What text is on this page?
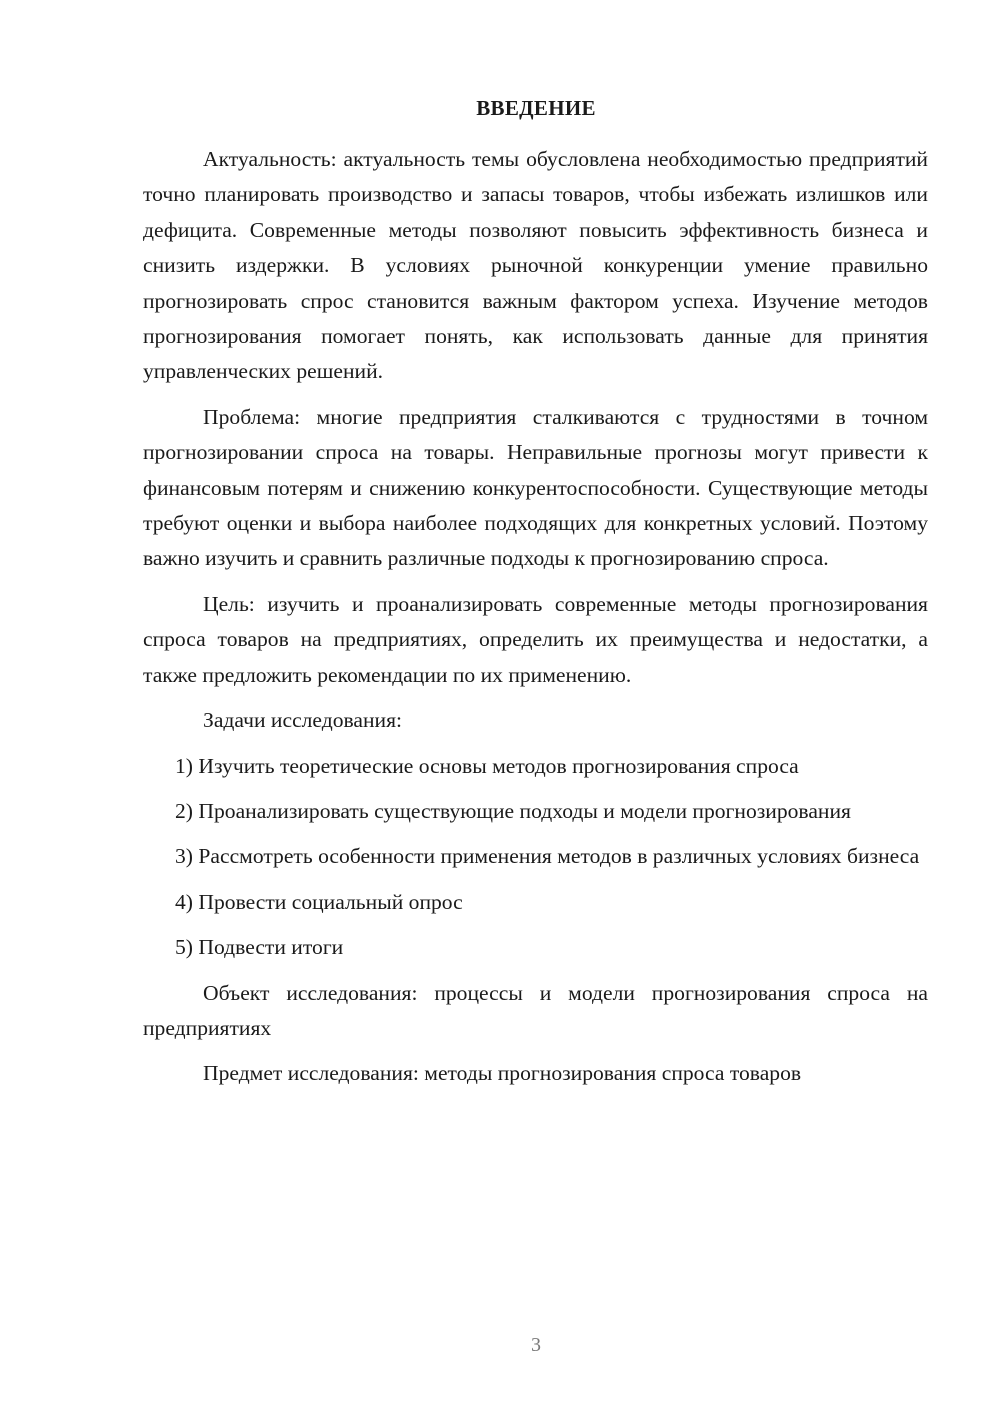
ВВЕДЕНИЕ

Актуальность: актуальность темы обусловлена необходимостью предприятий точно планировать производство и запасы товаров, чтобы избежать излишков или дефицита. Современные методы позволяют повысить эффективность бизнеса и снизить издержки. В условиях рыночной конкуренции умение правильно прогнозировать спрос становится важным фактором успеха. Изучение методов прогнозирования помогает понять, как использовать данные для принятия управленческих решений.

Проблема: многие предприятия сталкиваются с трудностями в точном прогнозировании спроса на товары. Неправильные прогнозы могут привести к финансовым потерям и снижению конкурентоспособности. Существующие методы требуют оценки и выбора наиболее подходящих для конкретных условий. Поэтому важно изучить и сравнить различные подходы к прогнозированию спроса.

Цель: изучить и проанализировать современные методы прогнозирования спроса товаров на предприятиях, определить их преимущества и недостатки, а также предложить рекомендации по их применению.

Задачи исследования:

1) Изучить теоретические основы методов прогнозирования спроса

2) Проанализировать существующие подходы и модели прогнозирования

3) Рассмотреть особенности применения методов в различных условиях бизнеса

4) Провести социальный опрос

5) Подвести итоги

Объект исследования: процессы и модели прогнозирования спроса на предприятиях

Предмет исследования: методы прогнозирования спроса товаров

3
